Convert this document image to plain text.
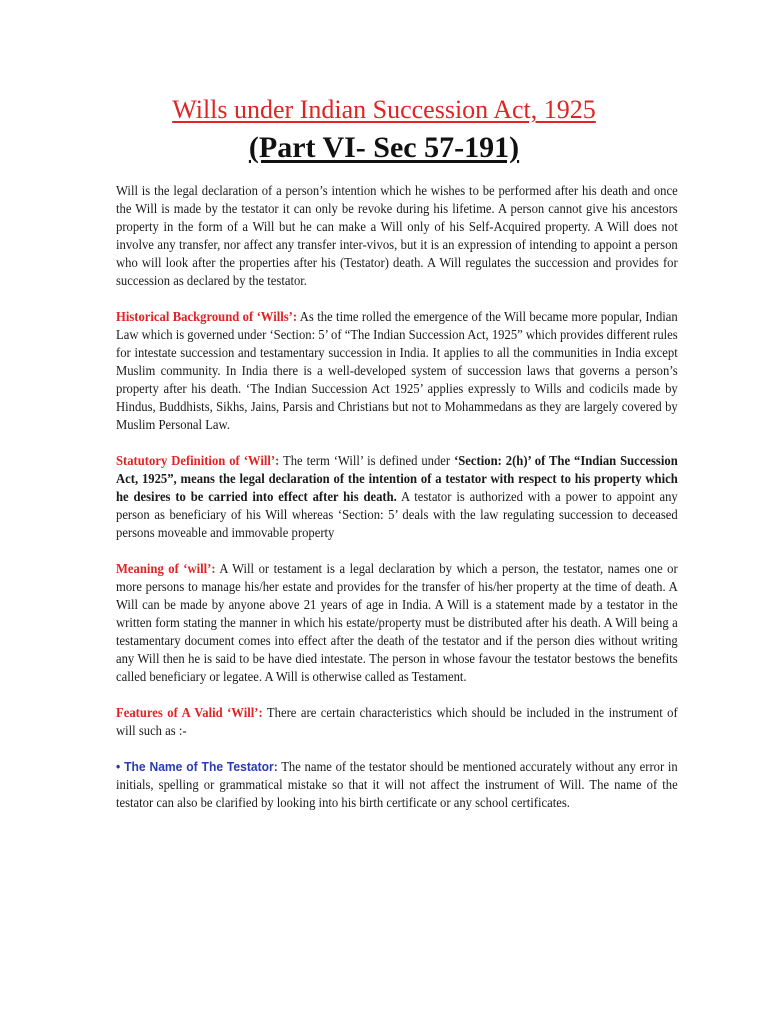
Wills under Indian Succession Act, 1925
(Part VI- Sec 57-191)

Will is the legal declaration of a person’s intention which he wishes to be performed after his death and once the Will is made by the testator it can only be revoke during his lifetime. A person cannot give his ancestors property in the form of a Will but he can make a Will only of his Self-Acquired property. A Will does not involve any transfer, nor affect any transfer inter-vivos, but it is an expression of intending to appoint a person who will look after the properties after his (Testator) death. A Will regulates the succession and provides for succession as declared by the testator.

Historical Background of ‘Wills’: As the time rolled the emergence of the Will became more popular, Indian Law which is governed under ‘Section: 5’ of “The Indian Succession Act, 1925” which provides different rules for intestate succession and testamentary succession in India. It applies to all the communities in India except Muslim community. In India there is a well-developed system of succession laws that governs a person’s property after his death. ‘The Indian Succession Act 1925’ applies expressly to Wills and codicils made by Hindus, Buddhists, Sikhs, Jains, Parsis and Christians but not to Mohammedans as they are largely covered by Muslim Personal Law.

Statutory Definition of ‘Will’: The term ‘Will’ is defined under ‘Section: 2(h)’ of The “Indian Succession Act, 1925”, means the legal declaration of the intention of a testator with respect to his property which he desires to be carried into effect after his death. A testator is authorized with a power to appoint any person as beneficiary of his Will whereas ‘Section: 5’ deals with the law regulating succession to deceased persons moveable and immovable property

Meaning of ‘will’: A Will or testament is a legal declaration by which a person, the testator, names one or more persons to manage his/her estate and provides for the transfer of his/her property at the time of death. A Will can be made by anyone above 21 years of age in India. A Will is a statement made by a testator in the written form stating the manner in which his estate/property must be distributed after his death. A Will being a testamentary document comes into effect after the death of the testator and if the person dies without writing any Will then he is said to be have died intestate. The person in whose favour the testator bestows the benefits called beneficiary or legatee. A Will is otherwise called as Testament.

Features of A Valid ‘Will’: There are certain characteristics which should be included in the instrument of will such as :-

• The Name of The Testator: The name of the testator should be mentioned accurately without any error in initials, spelling or grammatical mistake so that it will not affect the instrument of Will. The name of the testator can also be clarified by looking into his birth certificate or any school certificates.
